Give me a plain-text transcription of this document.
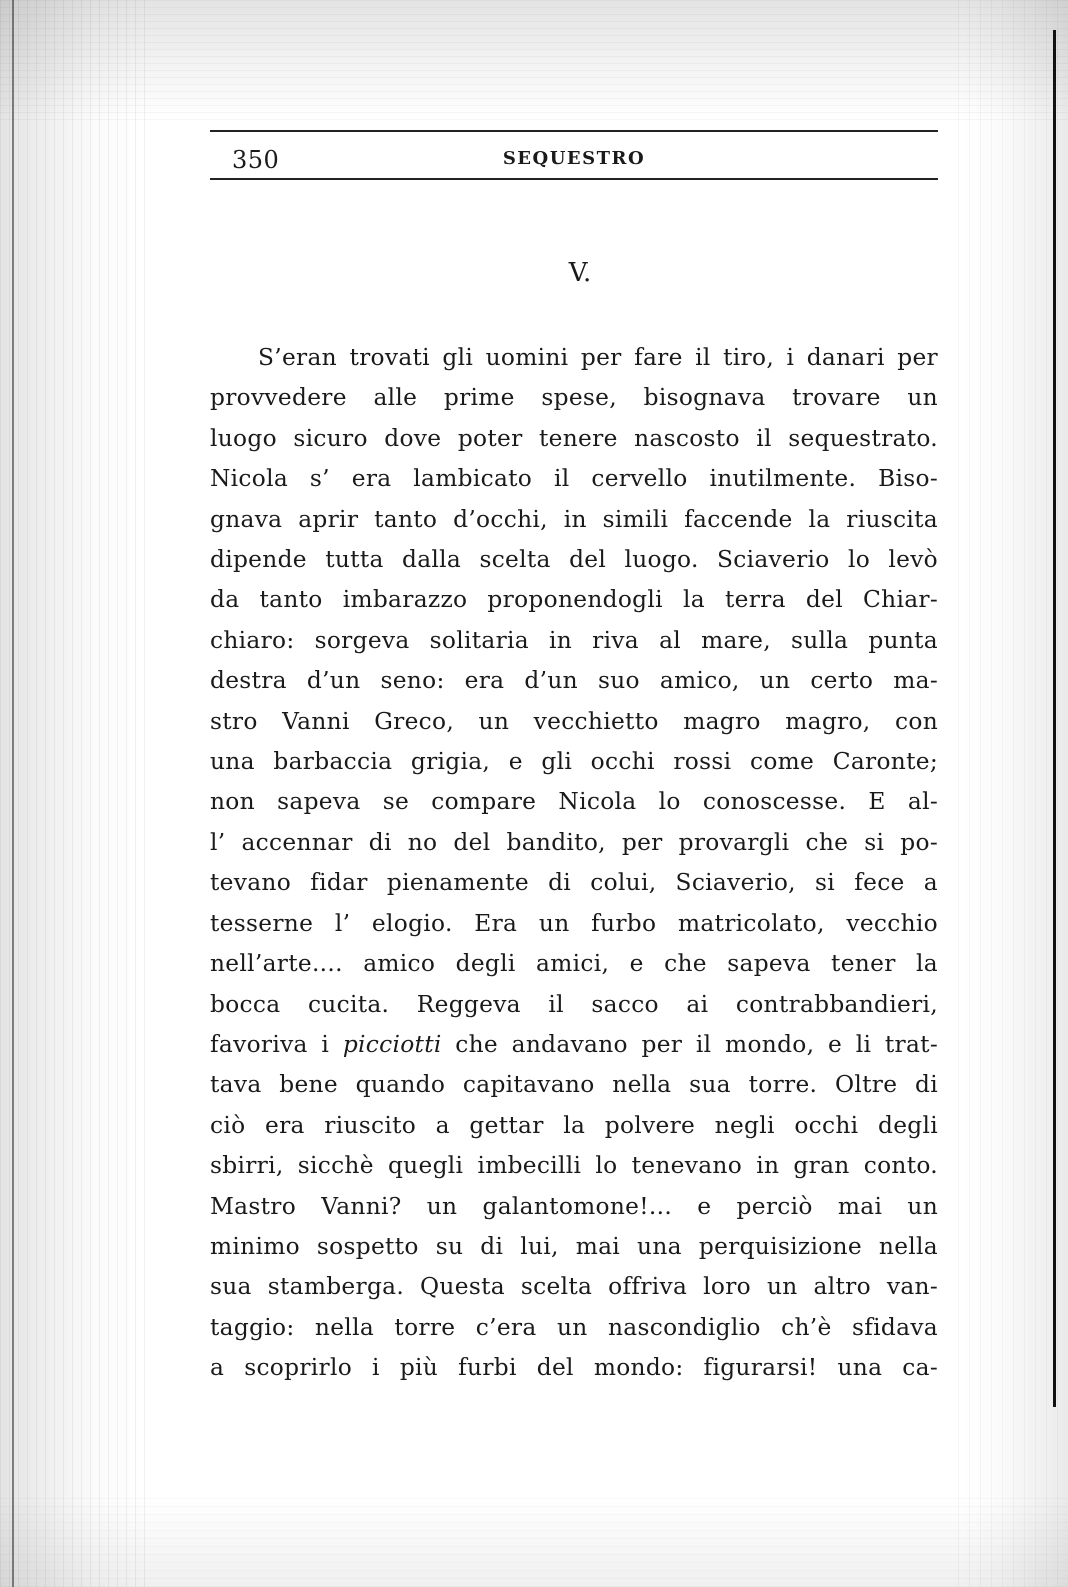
350	SEQUESTRO
V.
S’eran trovati gli uomini per fare il tiro, i danari per
provvedere alle prime spese, bisognava trovare un
luogo sicuro dove poter tenere nascosto il sequestrato.
Nicola s’ era lambicato il cervello inutilmente. Biso-
gnava aprir tanto d’occhi, in simili faccende la riuscita
dipende tutta dalla scelta del luogo. Sciaverio lo levò
da tanto imbarazzo proponendogli la terra del Chiar-
chiaro: sorgeva solitaria in riva al mare, sulla punta
destra d’un seno: era d’un suo amico, un certo ma-
stro Vanni Greco, un vecchietto magro magro, con
una barbaccia grigia, e gli occhi rossi come Caronte;
non sapeva se compare Nicola lo conoscesse. E al-
l’ accennar di no del bandito, per provargli che si po-
tevano fidar pienamente di colui, Sciaverio, si fece a
tesserne l’ elogio. Era un furbo matricolato, vecchio
nell’arte.... amico degli amici, e che sapeva tener la
bocca cucita. Reggeva il sacco ai contrabbandieri,
favoriva i picciotti che andavano per il mondo, e li trat-
tava bene quando capitavano nella sua torre. Oltre di
ciò era riuscito a gettar la polvere negli occhi degli
sbirri, sicchè quegli imbecilli lo tenevano in gran conto.
Mastro Vanni? un galantomone!... e perciò mai un
minimo sospetto su di lui, mai una perquisizione nella
sua stamberga. Questa scelta offriva loro un altro van-
taggio: nella torre c’era un nascondiglio ch’è sfidava
a scoprirlo i più furbi del mondo: figurarsi! una ca-
